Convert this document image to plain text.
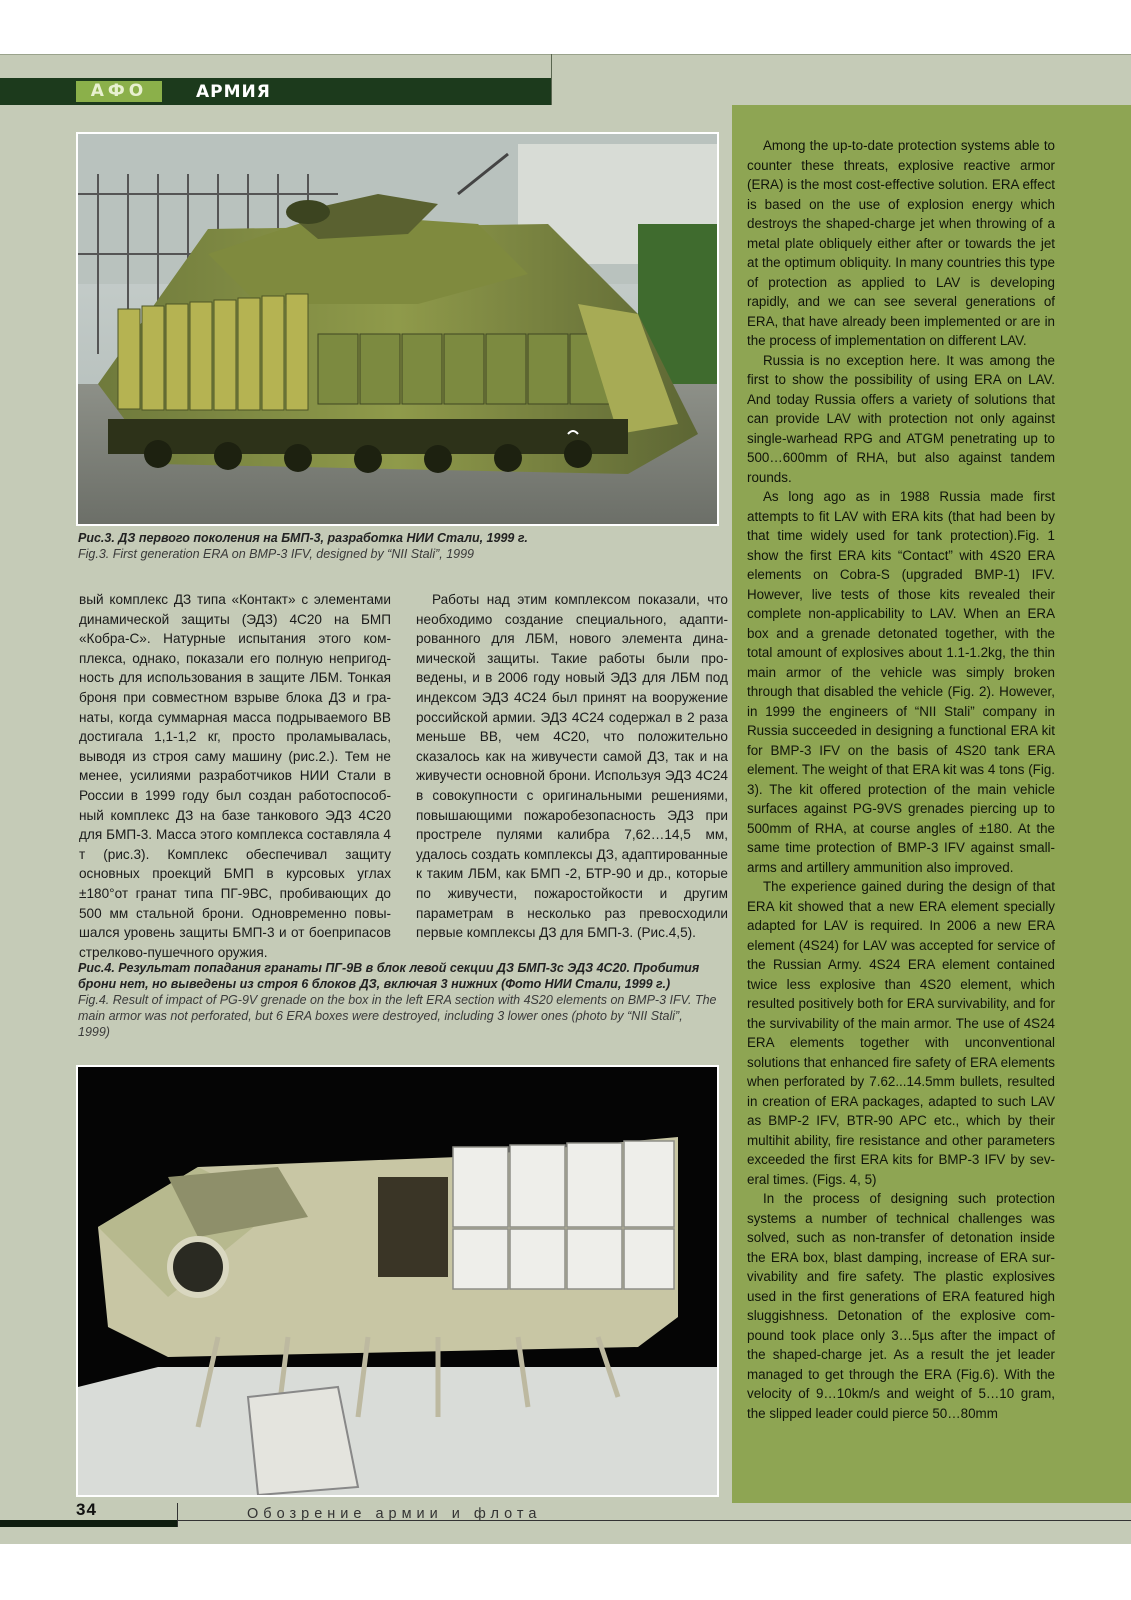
АФО	АРМИЯ
Рис.3. ДЗ первого поколения на БМП-3, разработка НИИ Стали, 1999 г.
Fig.3. First generation ERA on BMP-3 IFV, designed by “NII Stali”, 1999

вый комплекс ДЗ типа «Контакт» с элементами динамической защиты (ЭДЗ) 4С20 на БМП «Кобра-С». Натурные испытания этого комплекса, однако, показали его полную непригодность для использования в защите ЛБМ. Тонкая броня при совместном взрыве блока ДЗ и гранаты, когда суммарная масса подрываемого ВВ достигала 1,1-1,2 кг, просто проламывалась, выводя из строя саму машину (рис.2.). Тем не менее, усилиями разработчиков НИИ Стали в России в 1999 году был создан работоспособный комплекс ДЗ на базе танкового ЭДЗ 4С20 для БМП-3. Масса этого комплекса составляла 4 т (рис.3). Комплекс обеспечивал защиту основных проекций БМП в курсовых углах ±180°от гранат типа ПГ-9ВС, пробивающих до 500 мм стальной брони. Одновременно повышался уровень защиты БМП-3 и от боеприпасов стрелково-пушечного оружия.

Работы над этим комплексом показали, что необходимо создание специального, адаптированного для ЛБМ, нового элемента динамической защиты. Такие работы были проведены, и в 2006 году новый ЭДЗ для ЛБМ под индексом ЭДЗ 4С24 был принят на вооружение российской армии. ЭДЗ 4С24 содержал в 2 раза меньше ВВ, чем 4С20, что положительно сказалось как на живучести самой ДЗ, так и на живучести основной брони. Используя ЭДЗ 4С24 в совокупности с оригинальными решениями, повышающими пожаробезопасность ЭДЗ при прострелe пулями калибра 7,62…14,5 мм, удалось создать комплексы ДЗ, адаптированные к таким ЛБМ, как БМП -2, БТР-90 и др., которые по живучести, пожаростойкости и другим параметрам в несколько раз превосходили первые комплексы ДЗ для БМП-3. (Рис.4,5).

Рис.4. Результат попадания гранаты ПГ-9В в блок левой секции ДЗ БМП-3с ЭДЗ 4С20. Пробития брони нет, но выведены из строя 6 блоков ДЗ, включая 3 нижних (Фото НИИ Стали, 1999 г.)
Fig.4. Result of impact of PG-9V grenade on the box in the left ERA section with 4S20 elements on BMP-3 IFV. The main armor was not perforated, but 6 ERA boxes were destroyed, including 3 lower ones (photo by “NII Stali”, 1999)

Among the up-to-date protection systems able to counter these threats, explosive reactive armor (ERA) is the most cost-effective solution. ERA effect is based on the use of explosion energy which destroys the shaped-charge jet when throwing of a metal plate obliquely either after or towards the jet at the optimum obliquity. In many countries this type of protection as applied to LAV is developing rapidly, and we can see several generations of ERA, that have already been implemented or are in the process of implementation on different LAV.

Russia is no exception here. It was among the first to show the possibility of using ERA on LAV. And today Russia offers a variety of solutions that can provide LAV with protection not only against single-warhead RPG and ATGM penetrating up to 500…600mm of RHA, but also against tandem rounds.

As long ago as in 1988 Russia made first attempts to fit LAV with ERA kits (that had been by that time widely used for tank protection).Fig. 1 show the first ERA kits “Contact” with 4S20 ERA elements on Cobra-S (upgraded BMP-1) IFV. However, live tests of those kits revealed their complete non-applicability to LAV. When an ERA box and a grenade detonated together, with the total amount of explosives about 1.1-1.2kg, the thin main armor of the vehicle was simply broken through that disabled the vehicle (Fig. 2). However, in 1999 the engineers of “NII Stali” company in Russia succeeded in designing a functional ERA kit for BMP-3 IFV on the basis of 4S20 tank ERA element. The weight of that ERA kit was 4 tons (Fig. 3). The kit offered protection of the main vehicle surfaces against PG-9VS grenades piercing up to 500mm of RHA, at course angles of ±180. At the same time protection of BMP-3 IFV against small-arms and artillery ammunition also improved.

The experience gained during the design of that ERA kit showed that a new ERA element specially adapted for LAV is required. In 2006 a new ERA element (4S24) for LAV was accepted for service of the Russian Army. 4S24 ERA element contained twice less explosive than 4S20 element, which resulted positively both for ERA survivability, and for the survivability of the main armor. The use of 4S24 ERA elements together with unconventional solutions that enhanced fire safety of ERA elements when perforated by 7.62...14.5mm bullets, resulted in creation of ERA packages, adapted to such LAV as BMP-2 IFV, BTR-90 APC etc., which by their multihit ability, fire resistance and other parameters exceeded the first ERA kits for BMP-3 IFV by several times. (Figs. 4, 5)

In the process of designing such protection systems a number of technical challenges was solved, such as non-transfer of detonation inside the ERA box, blast damping, increase of ERA survivability and fire safety. The plastic explosives used in the first generations of ERA featured high sluggishness. Detonation of the explosive compound took place only 3…5µs after the impact of the shaped-charge jet. As a result the jet leader managed to get through the ERA (Fig.6). With the velocity of 9…10km/s and weight of 5…10 gram, the slipped leader could pierce 50…80mm

34	Обозрение армии и флота
